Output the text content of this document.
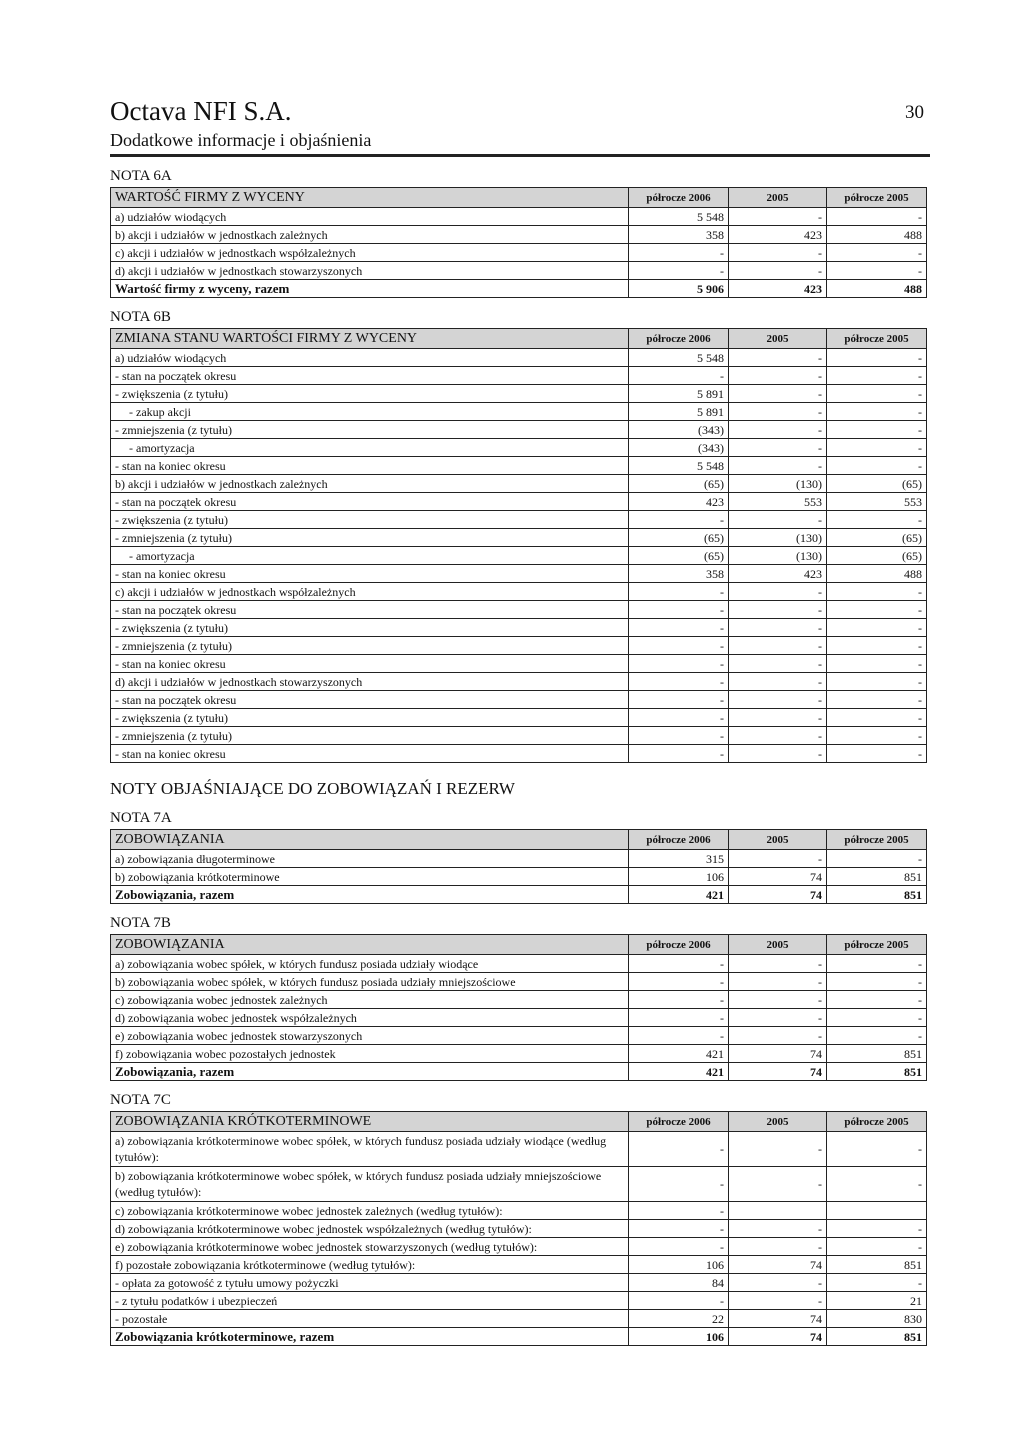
Octava NFI S.A.
Dodatkowe informacje i objaśnienia
30
NOTA 6A
WARTOŚĆ FIRMY Z WYCENY	półrocze 2006	2005	półrocze 2005
a) udziałów wiodących	5 548	-	-
b) akcji i udziałów w jednostkach zależnych	358	423	488
c) akcji i udziałów w jednostkach współzależnych	-	-	-
d) akcji i udziałów w jednostkach stowarzyszonych	-	-	-
Wartość firmy z wyceny, razem	5 906	423	488
NOTA 6B
ZMIANA STANU WARTOŚCI FIRMY Z WYCENY	półrocze 2006	2005	półrocze 2005
a) udziałów wiodących	5 548	-	-
- stan na początek okresu	-	-	-
- zwiększenia (z tytułu)	5 891	-	-
- zakup akcji	5 891	-	-
- zmniejszenia (z tytułu)	(343)	-	-
- amortyzacja	(343)	-	-
- stan na koniec okresu	5 548	-	-
b) akcji i udziałów w jednostkach zależnych	(65)	(130)	(65)
- stan na początek okresu	423	553	553
- zwiększenia (z tytułu)	-	-	-
- zmniejszenia (z tytułu)	(65)	(130)	(65)
- amortyzacja	(65)	(130)	(65)
- stan na koniec okresu	358	423	488
c) akcji i udziałów w jednostkach współzależnych	-	-	-
- stan na początek okresu	-	-	-
- zwiększenia (z tytułu)	-	-	-
- zmniejszenia (z tytułu)	-	-	-
- stan na koniec okresu	-	-	-
d) akcji i udziałów w jednostkach stowarzyszonych	-	-	-
- stan na początek okresu	-	-	-
- zwiększenia (z tytułu)	-	-	-
- zmniejszenia (z tytułu)	-	-	-
- stan na koniec okresu	-	-	-
NOTY OBJAŚNIAJĄCE DO ZOBOWIĄZAŃ I REZERW
NOTA 7A
ZOBOWIĄZANIA	półrocze 2006	2005	półrocze 2005
a) zobowiązania długoterminowe	315	-	-
b) zobowiązania krótkoterminowe	106	74	851
Zobowiązania, razem	421	74	851
NOTA 7B
ZOBOWIĄZANIA	półrocze 2006	2005	półrocze 2005
a) zobowiązania wobec spółek, w których fundusz posiada udziały wiodące	-	-	-
b) zobowiązania wobec spółek, w których fundusz posiada udziały mniejszościowe	-	-	-
c) zobowiązania wobec jednostek zależnych	-	-	-
d) zobowiązania wobec jednostek współzależnych	-	-	-
e) zobowiązania wobec jednostek stowarzyszonych	-	-	-
f) zobowiązania wobec pozostałych jednostek	421	74	851
Zobowiązania, razem	421	74	851
NOTA 7C
ZOBOWIĄZANIA KRÓTKOTERMINOWE	półrocze 2006	2005	półrocze 2005
a) zobowiązania krótkoterminowe wobec spółek, w których fundusz posiada udziały wiodące (według tytułów):	-	-	-
b) zobowiązania krótkoterminowe wobec spółek, w których fundusz posiada udziały mniejszościowe (według tytułów):	-	-	-
c) zobowiązania krótkoterminowe wobec jednostek zależnych (według tytułów):	-		
d) zobowiązania krótkoterminowe wobec jednostek współzależnych (według tytułów):	-	-	-
e) zobowiązania krótkoterminowe wobec jednostek stowarzyszonych (według tytułów):	-	-	-
f) pozostałe zobowiązania krótkoterminowe (według tytułów):	106	74	851
- opłata za gotowość z tytułu umowy pożyczki	84	-	-
- z tytułu podatków i ubezpieczeń	-	-	21
- pozostałe	22	74	830
Zobowiązania krótkoterminowe, razem	106	74	851
